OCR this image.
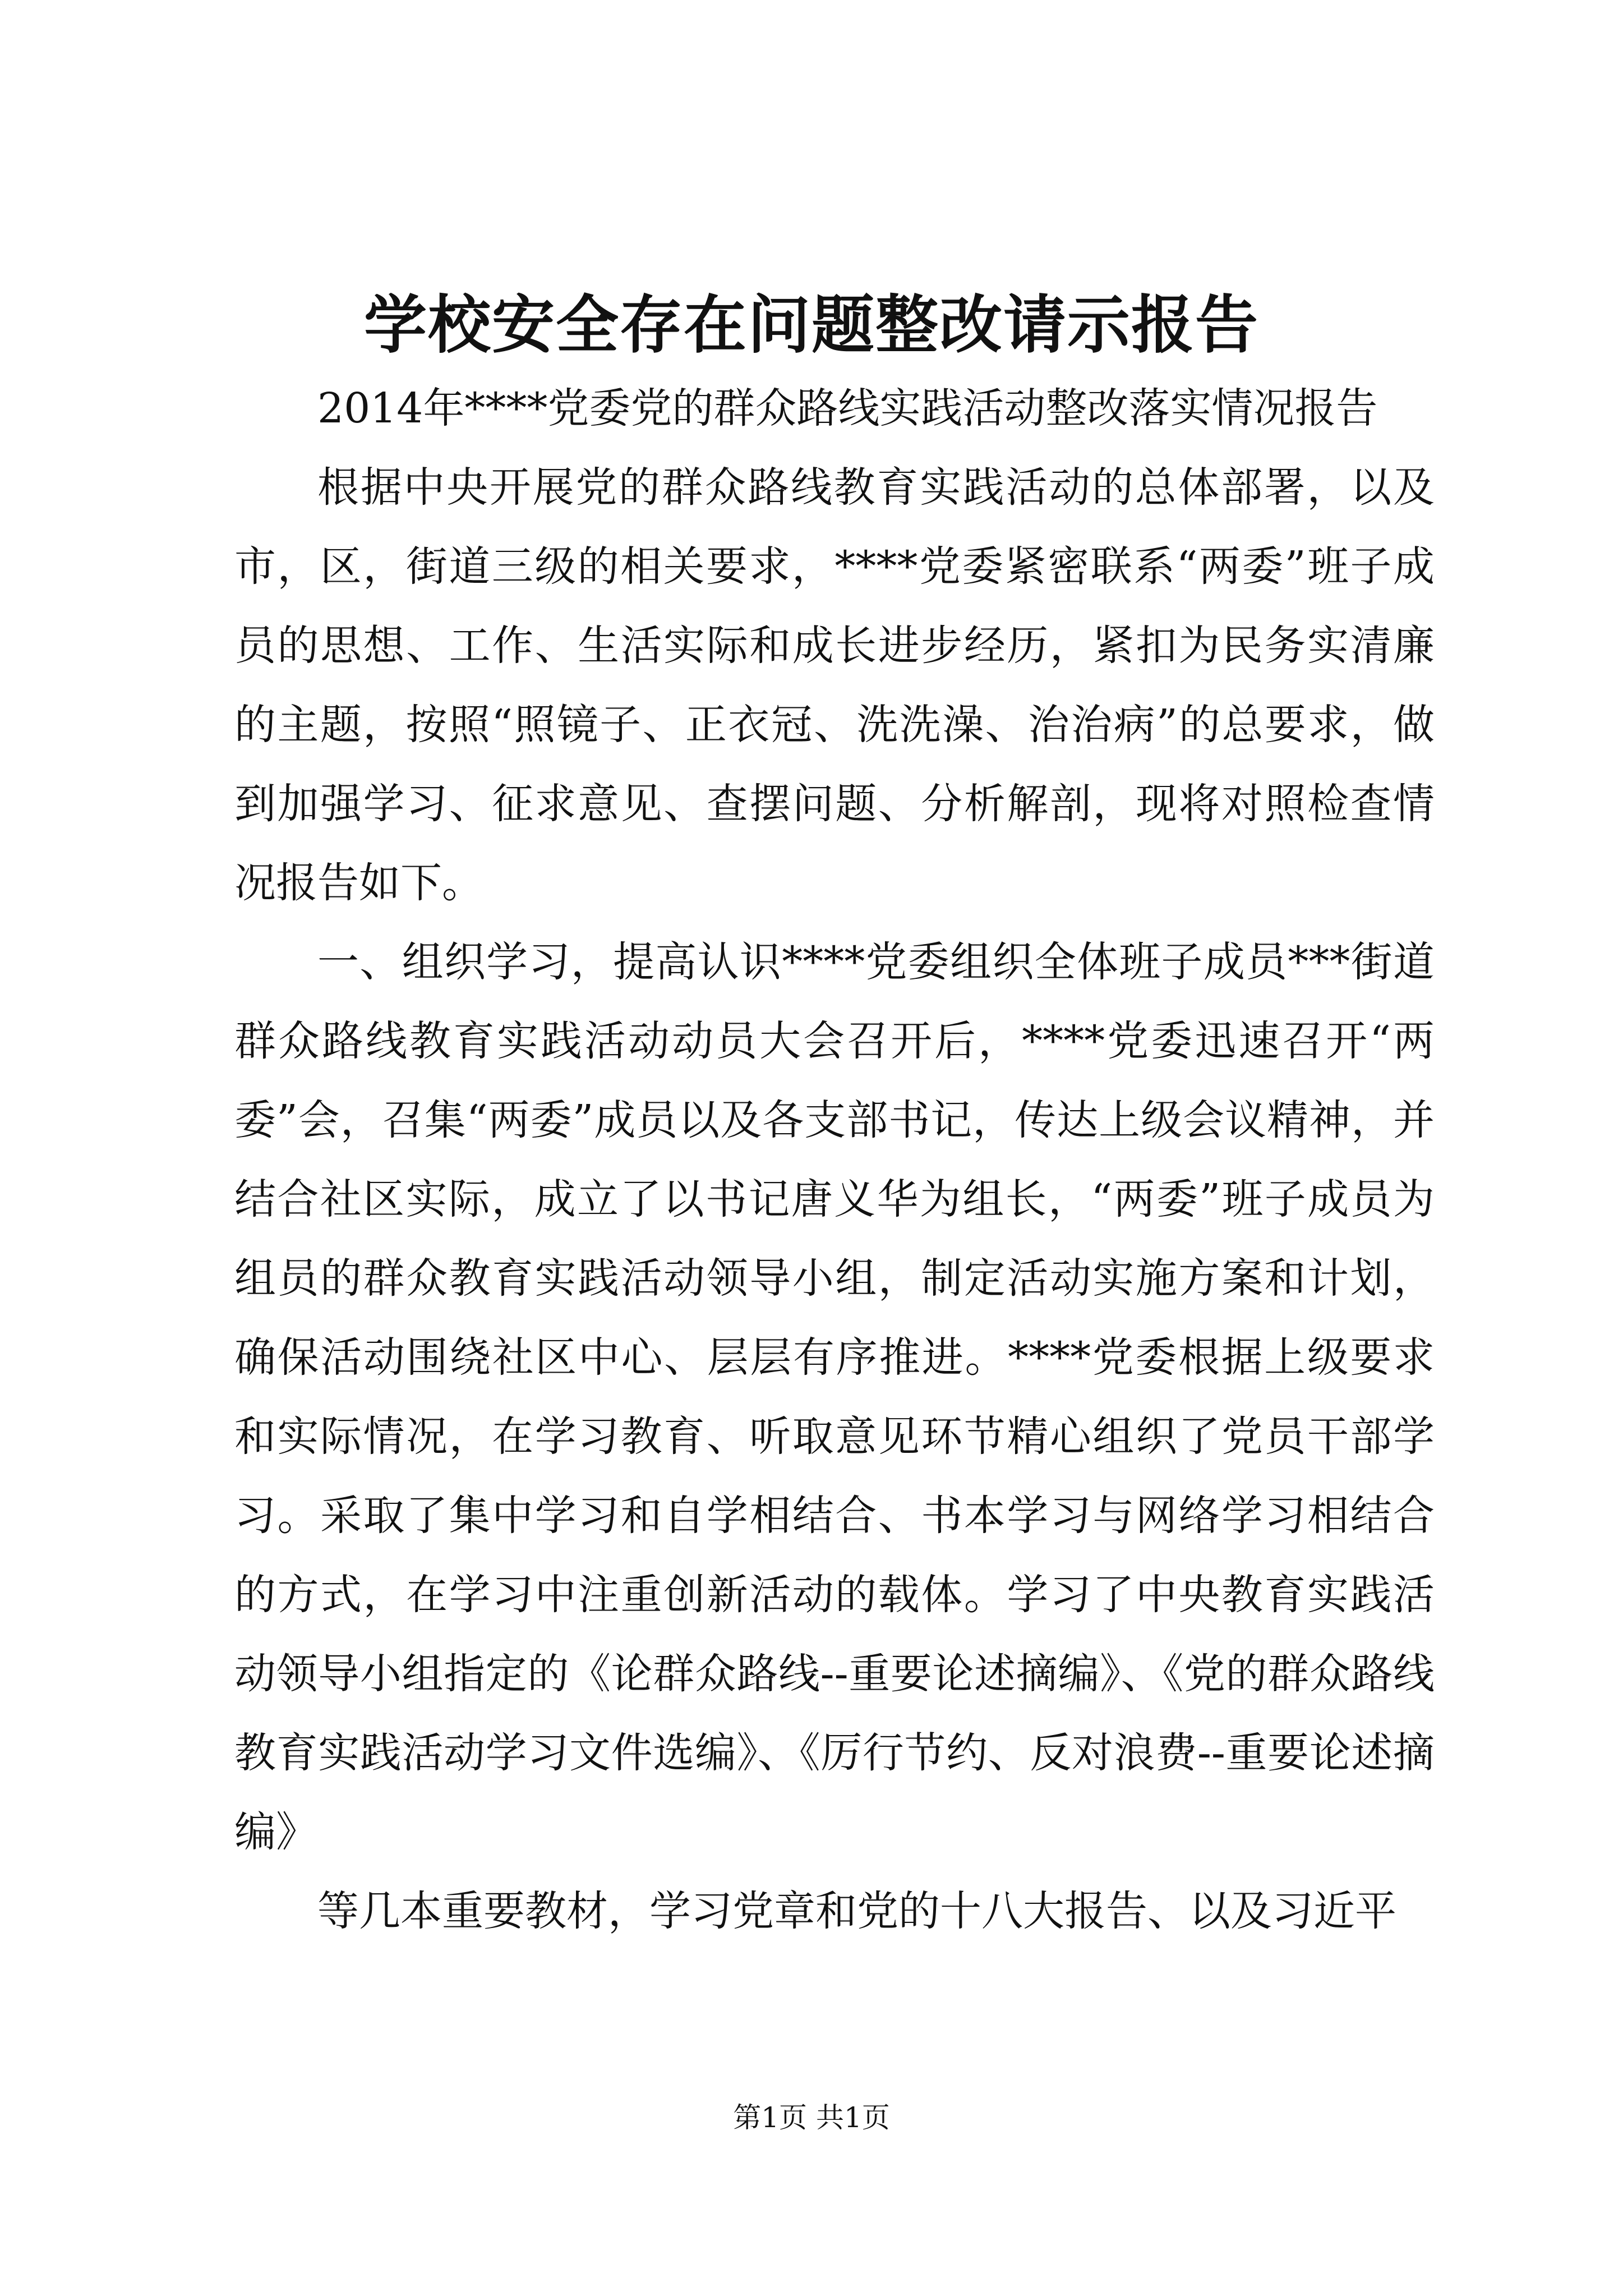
学校安全存在问题整改请示报告

2014年****党委党的群众路线实践活动整改落实情况报告

根据中央开展党的群众路线教育实践活动的总体部署，以及市，区，街道三级的相关要求，****党委紧密联系“两委”班子成员的思想、工作、生活实际和成长进步经历，紧扣为民务实清廉的主题，按照“照镜子、正衣冠、洗洗澡、治治病”的总要求，做到加强学习、征求意见、查摆问题、分析解剖，现将对照检查情况报告如下。

一、组织学习，提高认识****党委组织全体班子成员***街道群众路线教育实践活动动员大会召开后，****党委迅速召开“两委”会，召集“两委”成员以及各支部书记，传达上级会议精神，并结合社区实际，成立了以书记唐义华为组长，“两委”班子成员为组员的群众教育实践活动领导小组，制定活动实施方案和计划，确保活动围绕社区中心、层层有序推进。****党委根据上级要求和实际情况，在学习教育、听取意见环节精心组织了党员干部学习。采取了集中学习和自学相结合、书本学习与网络学习相结合的方式，在学习中注重创新活动的载体。学习了中央教育实践活动领导小组指定的《论群众路线--重要论述摘编》、《党的群众路线教育实践活动学习文件选编》、《厉行节约、反对浪费--重要论述摘编》

等几本重要教材，学习党章和党的十八大报告、以及习近平

第1页 共1页
